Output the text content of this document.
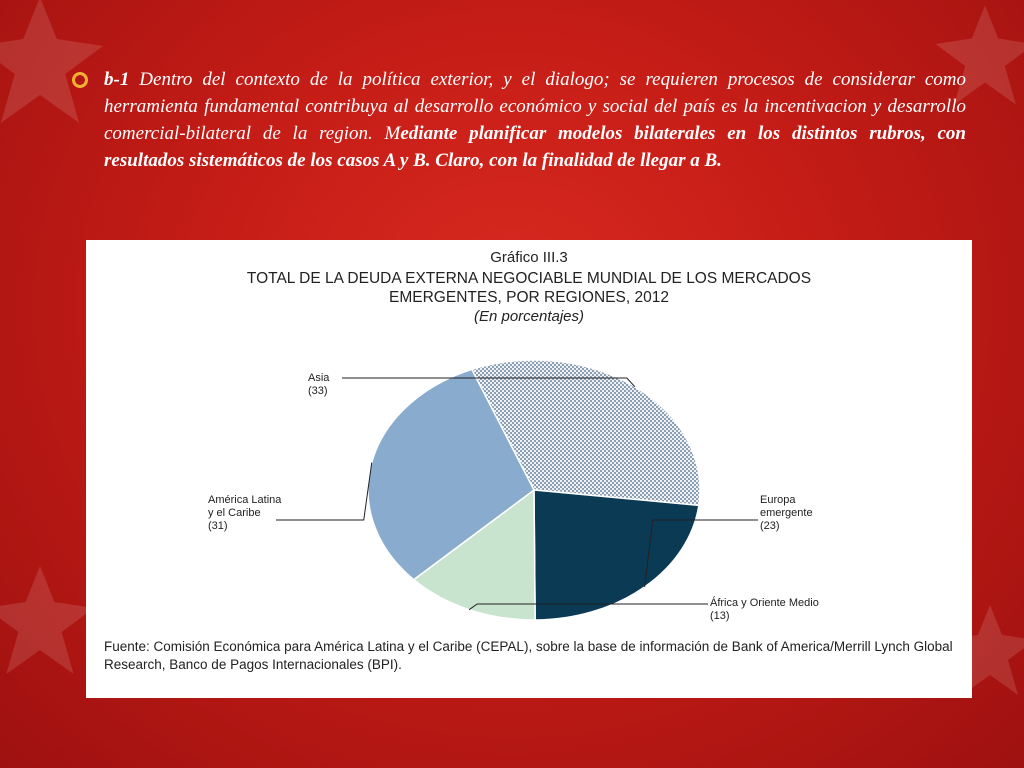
b-1 Dentro del contexto de la política exterior, y el dialogo; se requieren procesos de considerar como herramienta fundamental contribuya al desarrollo económico y social del país es la incentivacion y desarrollo comercial-bilateral de la region. Mediante planificar modelos bilaterales en los distintos rubros, con resultados sistemáticos de los casos A y B. Claro, con la finalidad de llegar a B.
Gráfico III.3
TOTAL DE LA DEUDA EXTERNA NEGOCIABLE MUNDIAL DE LOS MERCADOS
EMERGENTES, POR REGIONES, 2012
(En porcentajes)
Asia
(33)
Europa
emergente
(23)
África y Oriente Medio
(13)
América Latina
y el Caribe
(31)
Fuente: Comisión Económica para América Latina y el Caribe (CEPAL), sobre la base de información de Bank of America/Merrill Lynch Global Research, Banco de Pagos Internacionales (BPI).
